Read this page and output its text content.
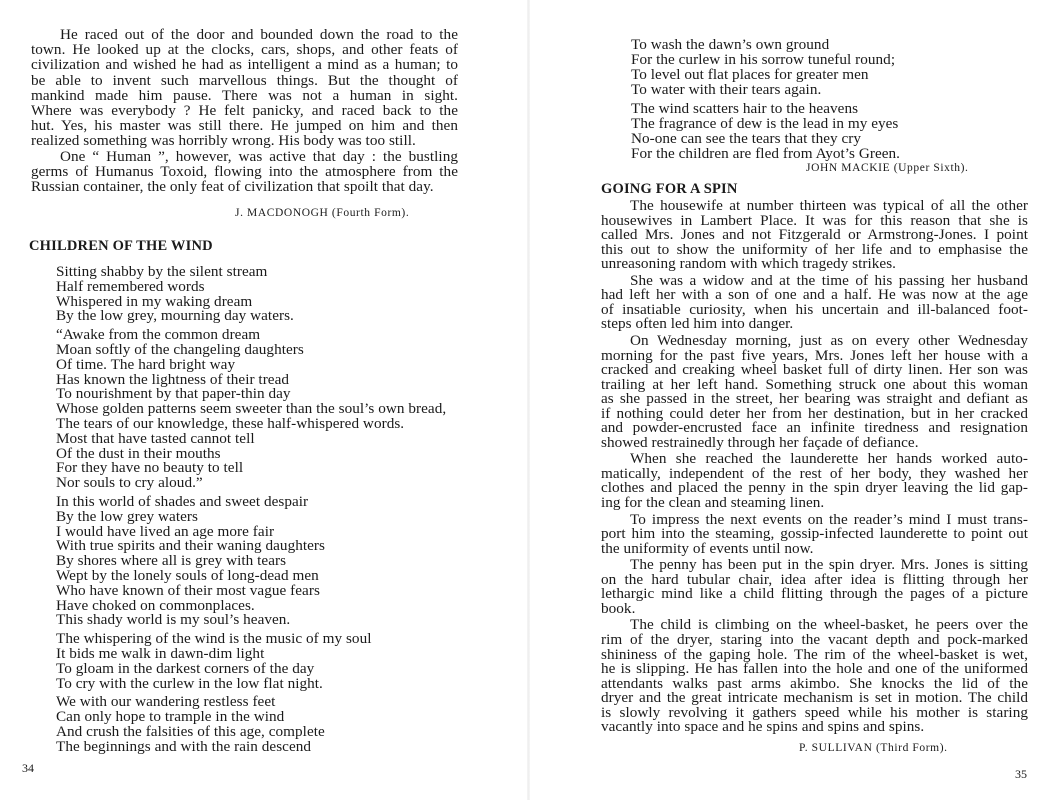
He raced out of the door and bounded down the road to the
town. He looked up at the clocks, cars, shops, and other feats of
civilization and wished he had as intelligent a mind as a human; to
be able to invent such marvellous things. But the thought of
mankind made him pause. There was not a human in sight.
Where was everybody ? He felt panicky, and raced back to the
hut. Yes, his master was still there. He jumped on him and then
realized something was horribly wrong. His body was too still.
One “ Human ”, however, was active that day : the bustling
germs of Humanus Toxoid, flowing into the atmosphere from the
Russian container, the only feat of civilization that spoilt that day.
J. MACDONOGH (Fourth Form).
CHILDREN OF THE WIND
Sitting shabby by the silent stream
Half remembered words
Whispered in my waking dream
By the low grey, mourning day waters.
“Awake from the common dream
Moan softly of the changeling daughters
Of time. The hard bright way
Has known the lightness of their tread
To nourishment by that paper-thin day
Whose golden patterns seem sweeter than the soul’s own bread,
The tears of our knowledge, these half-whispered words.
Most that have tasted cannot tell
Of the dust in their mouths
For they have no beauty to tell
Nor souls to cry aloud.”
In this world of shades and sweet despair
By the low grey waters
I would have lived an age more fair
With true spirits and their waning daughters
By shores where all is grey with tears
Wept by the lonely souls of long-dead men
Who have known of their most vague fears
Have choked on commonplaces.
This shady world is my soul’s heaven.
The whispering of the wind is the music of my soul
It bids me walk in dawn-dim light
To gloam in the darkest corners of the day
To cry with the curlew in the low flat night.
We with our wandering restless feet
Can only hope to trample in the wind
And crush the falsities of this age, complete
The beginnings and with the rain descend
34
To wash the dawn’s own ground
For the curlew in his sorrow tuneful round;
To level out flat places for greater men
To water with their tears again.
The wind scatters hair to the heavens
The fragrance of dew is the lead in my eyes
No-one can see the tears that they cry
For the children are fled from Ayot’s Green.
JOHN MACKIE (Upper Sixth).
GOING FOR A SPIN
The housewife at number thirteen was typical of all the other
housewives in Lambert Place. It was for this reason that she is
called Mrs. Jones and not Fitzgerald or Armstrong-Jones. I point
this out to show the uniformity of her life and to emphasise the
unreasoning random with which tragedy strikes.
She was a widow and at the time of his passing her husband
had left her with a son of one and a half. He was now at the age
of insatiable curiosity, when his uncertain and ill-balanced foot-
steps often led him into danger.
On Wednesday morning, just as on every other Wednesday
morning for the past five years, Mrs. Jones left her house with a
cracked and creaking wheel basket full of dirty linen. Her son was
trailing at her left hand. Something struck one about this woman
as she passed in the street, her bearing was straight and defiant as
if nothing could deter her from her destination, but in her cracked
and powder-encrusted face an infinite tiredness and resignation
showed restrainedly through her façade of defiance.
When she reached the launderette her hands worked auto-
matically, independent of the rest of her body, they washed her
clothes and placed the penny in the spin dryer leaving the lid gap-
ing for the clean and steaming linen.
To impress the next events on the reader’s mind I must trans-
port him into the steaming, gossip-infected launderette to point out
the uniformity of events until now.
The penny has been put in the spin dryer. Mrs. Jones is sitting
on the hard tubular chair, idea after idea is flitting through her
lethargic mind like a child flitting through the pages of a picture
book.
The child is climbing on the wheel-basket, he peers over the
rim of the dryer, staring into the vacant depth and pock-marked
shininess of the gaping hole. The rim of the wheel-basket is wet,
he is slipping. He has fallen into the hole and one of the uniformed
attendants walks past arms akimbo. She knocks the lid of the
dryer and the great intricate mechanism is set in motion. The child
is slowly revolving it gathers speed while his mother is staring
vacantly into space and he spins and spins and spins.
P. SULLIVAN (Third Form).
35
